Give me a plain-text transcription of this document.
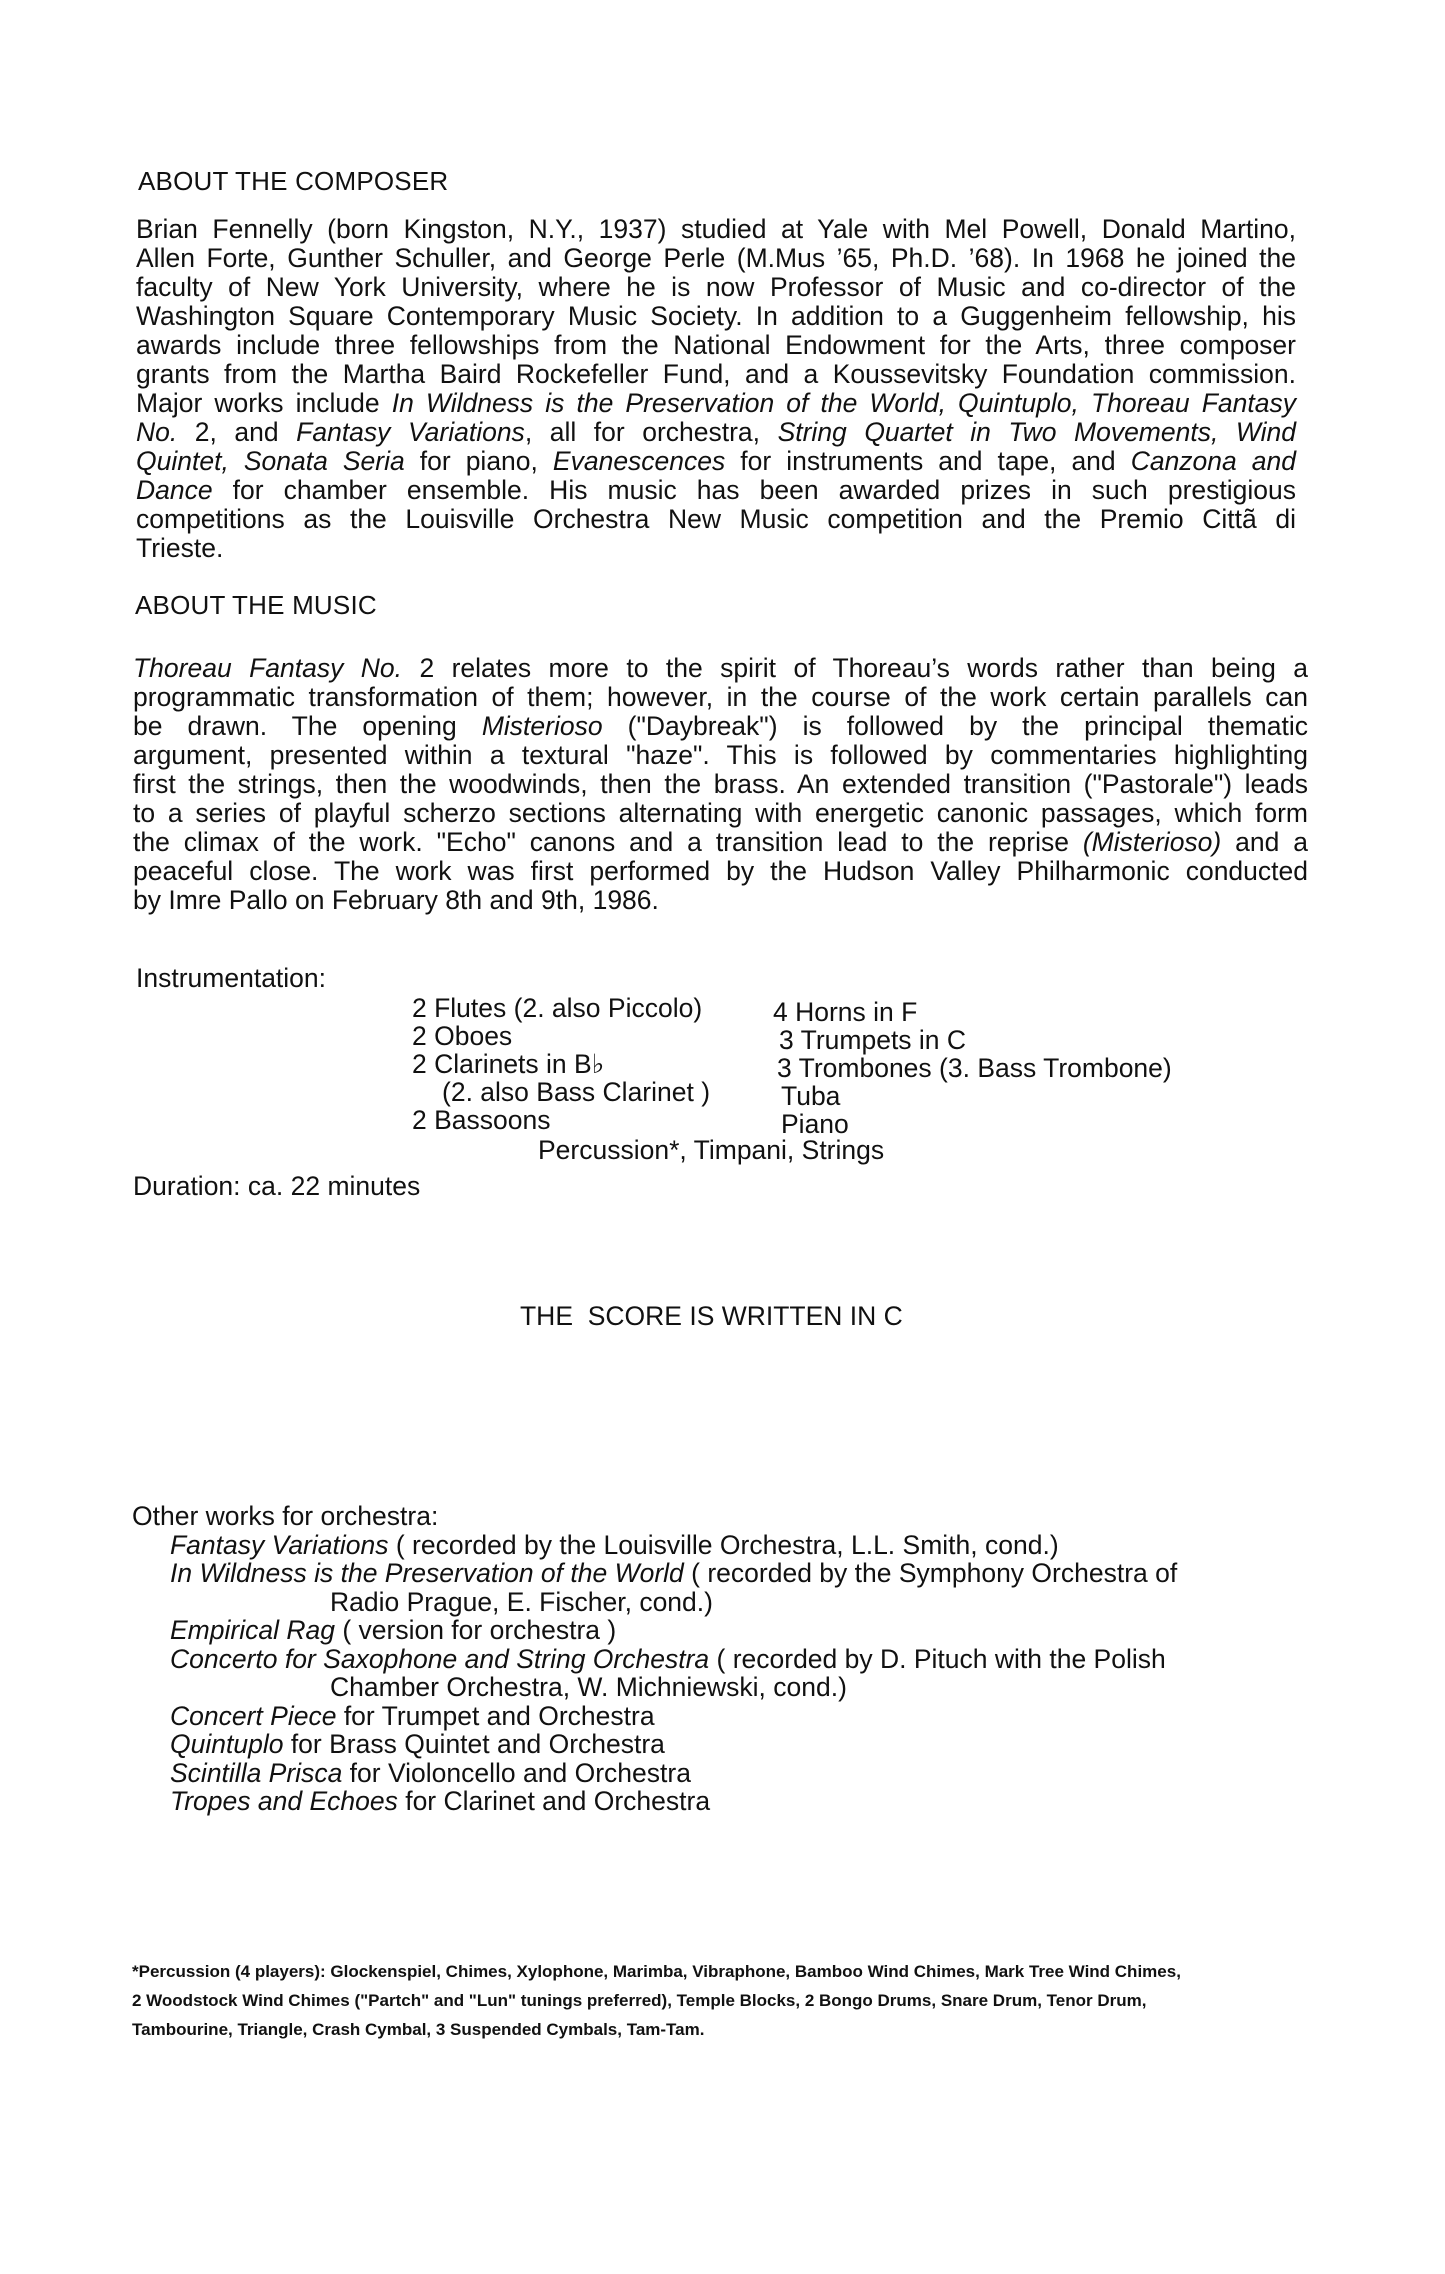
ABOUT THE COMPOSER
Brian Fennelly (born Kingston, N.Y., 1937) studied at Yale with Mel Powell, Donald Martino,
Allen Forte, Gunther Schuller, and George Perle (M.Mus ’65, Ph.D. ’68). In 1968 he joined the
faculty of New York University, where he is now Professor of Music and co-director of the
Washington Square Contemporary Music Society. In addition to a Guggenheim fellowship, his
awards include three fellowships from the National Endowment for the Arts, three composer
grants from the Martha Baird Rockefeller Fund, and a Koussevitsky Foundation commission.
Major works include In Wildness is the Preservation of the World, Quintuplo, Thoreau Fantasy
No. 2, and Fantasy Variations, all for orchestra, String Quartet in Two Movements, Wind
Quintet, Sonata Seria for piano, Evanescences for instruments and tape, and Canzona and
Dance for chamber ensemble. His music has been awarded prizes in such prestigious
competitions as the Louisville Orchestra New Music competition and the Premio Cittã di
Trieste.
ABOUT THE MUSIC
Thoreau Fantasy No. 2 relates more to the spirit of Thoreau’s words rather than being a
programmatic transformation of them; however, in the course of the work certain parallels can
be drawn. The opening Misterioso ("Daybreak") is followed by the principal thematic
argument, presented within a textural "haze". This is followed by commentaries highlighting
first the strings, then the woodwinds, then the brass. An extended transition ("Pastorale") leads
to a series of playful scherzo sections alternating with energetic canonic passages, which form
the climax of the work. "Echo" canons and a transition lead to the reprise (Misterioso) and a
peaceful close. The work was first performed by the Hudson Valley Philharmonic conducted
by Imre Pallo on February 8th and 9th, 1986.
Instrumentation:
2 Flutes (2. also Piccolo)
2 Oboes
2 Clarinets in B♭
(2. also Bass Clarinet )
2 Bassoons
4 Horns in F
3 Trumpets in C
3 Trombones (3. Bass Trombone)
Tuba
Piano
Percussion*, Timpani, Strings
Duration: ca. 22 minutes
THE  SCORE IS WRITTEN IN C
Other works for orchestra:
Fantasy Variations ( recorded by the Louisville Orchestra, L.L. Smith, cond.)
In Wildness is the Preservation of the World ( recorded by the Symphony Orchestra of
Radio Prague, E. Fischer, cond.)
Empirical Rag ( version for orchestra )
Concerto for Saxophone and String Orchestra ( recorded by D. Pituch with the Polish
Chamber Orchestra, W. Michniewski, cond.)
Concert Piece for Trumpet and Orchestra
Quintuplo for Brass Quintet and Orchestra
Scintilla Prisca for Violoncello and Orchestra
Tropes and Echoes for Clarinet and Orchestra
*Percussion (4 players): Glockenspiel, Chimes, Xylophone, Marimba, Vibraphone, Bamboo Wind Chimes, Mark Tree Wind Chimes,
2 Woodstock Wind Chimes ("Partch" and "Lun" tunings preferred), Temple Blocks, 2 Bongo Drums, Snare Drum, Tenor Drum,
Tambourine, Triangle, Crash Cymbal, 3 Suspended Cymbals, Tam-Tam.
